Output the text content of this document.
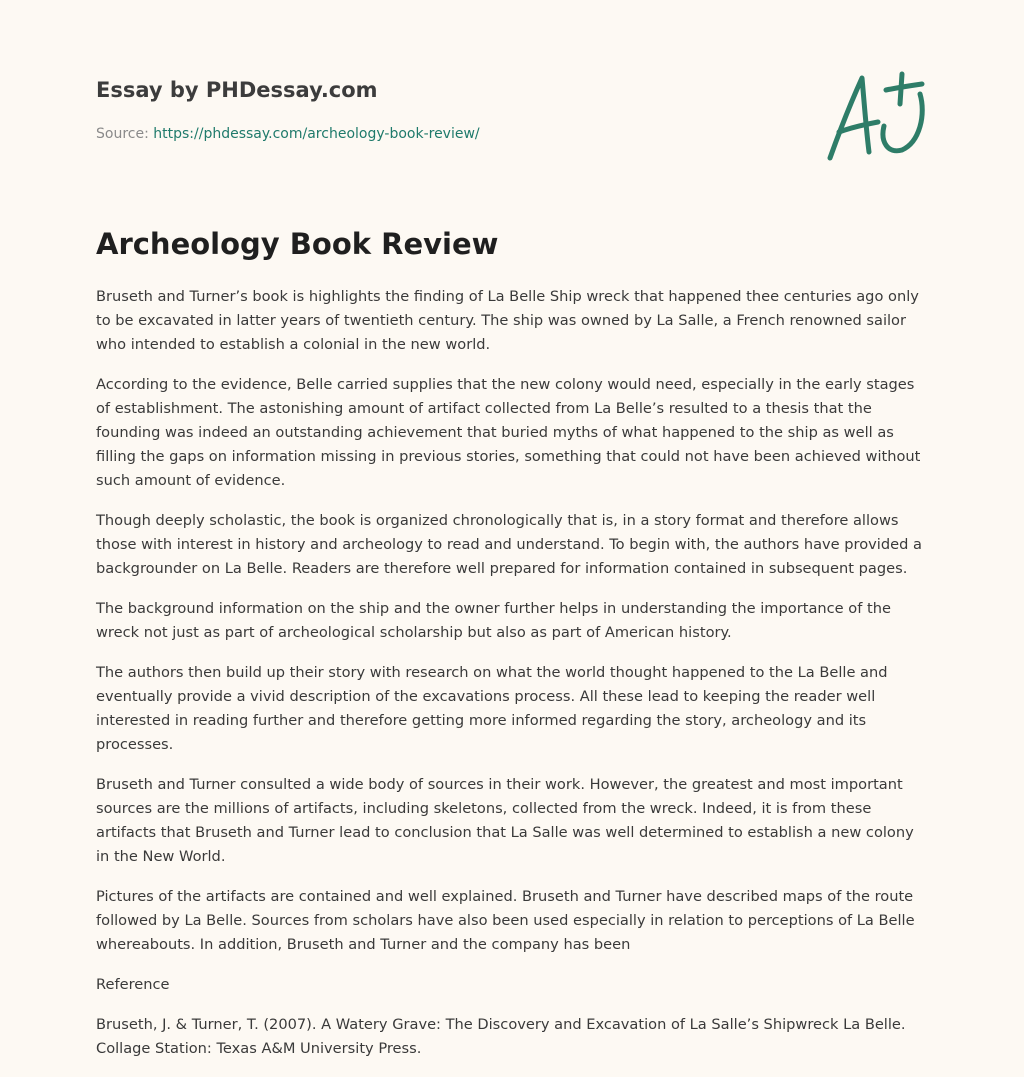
Essay by PHDessay.com
Source: https://phdessay.com/archeology-book-review/
Archeology Book Review

Bruseth and Turner’s book is highlights the finding of La Belle Ship wreck that happened thee centuries ago only to be excavated in latter years of twentieth century. The ship was owned by La Salle, a French renowned sailor who intended to establish a colonial in the new world.

According to the evidence, Belle carried supplies that the new colony would need, especially in the early stages of establishment. The astonishing amount of artifact collected from La Belle’s resulted to a thesis that the founding was indeed an outstanding achievement that buried myths of what happened to the ship as well as filling the gaps on information missing in previous stories, something that could not have been achieved without such amount of evidence.

Though deeply scholastic, the book is organized chronologically that is, in a story format and therefore allows those with interest in history and archeology to read and understand. To begin with, the authors have provided a backgrounder on La Belle. Readers are therefore well prepared for information contained in subsequent pages.

The background information on the ship and the owner further helps in understanding the importance of the wreck not just as part of archeological scholarship but also as part of American history.

The authors then build up their story with research on what the world thought happened to the La Belle and eventually provide a vivid description of the excavations process. All these lead to keeping the reader well interested in reading further and therefore getting more informed regarding the story, archeology and its processes.

Bruseth and Turner consulted a wide body of sources in their work. However, the greatest and most important sources are the millions of artifacts, including skeletons, collected from the wreck. Indeed, it is from these artifacts that Bruseth and Turner lead to conclusion that La Salle was well determined to establish a new colony in the New World.

Pictures of the artifacts are contained and well explained. Bruseth and Turner have described maps of the route followed by La Belle. Sources from scholars have also been used especially in relation to perceptions of La Belle whereabouts. In addition, Bruseth and Turner and the company has been

Reference

Bruseth, J. & Turner, T. (2007). A Watery Grave: The Discovery and Excavation of La Salle’s Shipwreck La Belle. Collage Station: Texas A&M University Press.
